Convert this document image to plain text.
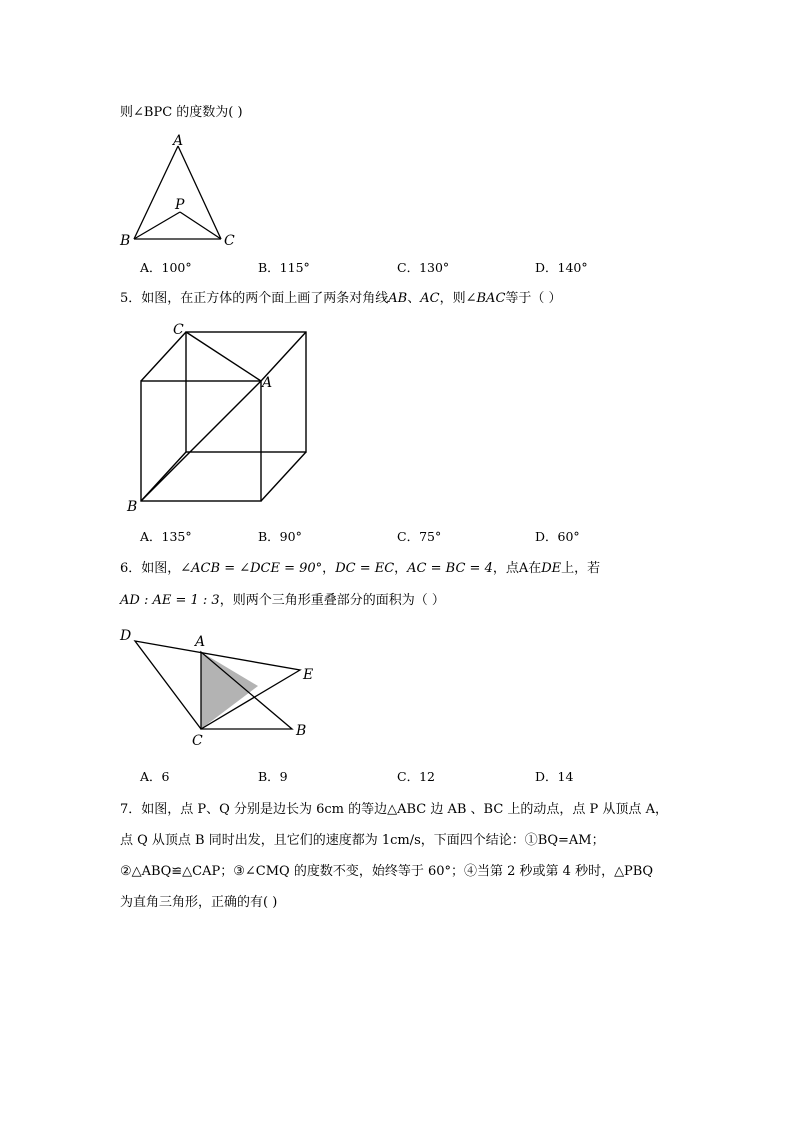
则∠BPC 的度数为( )
A
P
B	C
A．100°	B．115°	C．130°	D．140°
5．如图，在正方体的两个面上画了两条对角线AB、AC，则∠BAC等于（ ）
C
A
B
A．135°	B．90°	C．75°	D．60°
6．如图，∠ACB = ∠DCE = 90°，DC = EC，AC = BC = 4，点A在DE上，若
AD : AE = 1 : 3，则两个三角形重叠部分的面积为（ ）
D	A
E
C
B
A．6	B．9	C．12	D．14
7．如图，点 P、Q 分别是边长为 6cm 的等边△ABC 边 AB 、BC 上的动点，点 P 从顶点 A，
点 Q 从顶点 B 同时出发，且它们的速度都为 1cm/s，下面四个结论：①BQ=AM；
②△ABQ≌△CAP；③∠CMQ 的度数不变，始终等于 60°；④当第 2 秒或第 4 秒时，△PBQ
为直角三角形，正确的有( )
